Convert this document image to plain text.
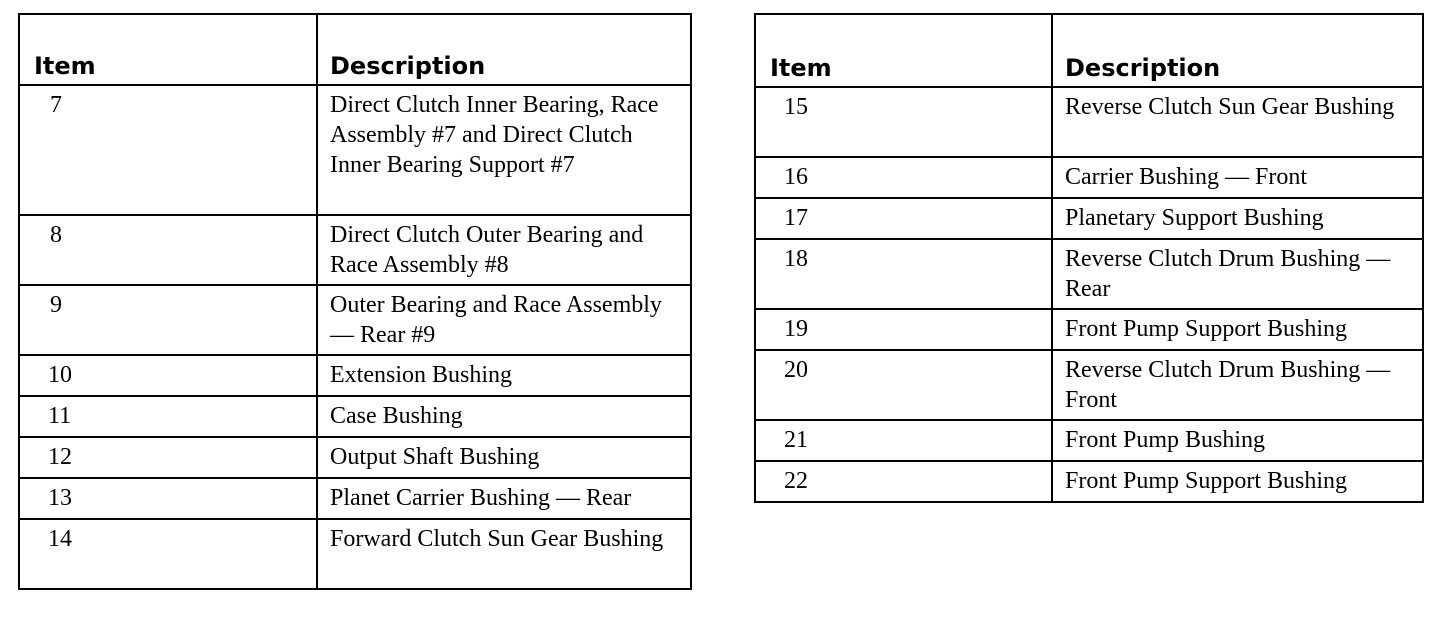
Item	Description
7	Direct Clutch Inner Bearing, Race Assembly #7 and Direct Clutch Inner Bearing Support #7
8	Direct Clutch Outer Bearing and Race Assembly #8
9	Outer Bearing and Race Assembly — Rear #9
10	Extension Bushing
11	Case Bushing
12	Output Shaft Bushing
13	Planet Carrier Bushing — Rear
14	Forward Clutch Sun Gear Bushing
Item	Description
15	Reverse Clutch Sun Gear Bushing
16	Carrier Bushing — Front
17	Planetary Support Bushing
18	Reverse Clutch Drum Bushing — Rear
19	Front Pump Support Bushing
20	Reverse Clutch Drum Bushing — Front
21	Front Pump Bushing
22	Front Pump Support Bushing
